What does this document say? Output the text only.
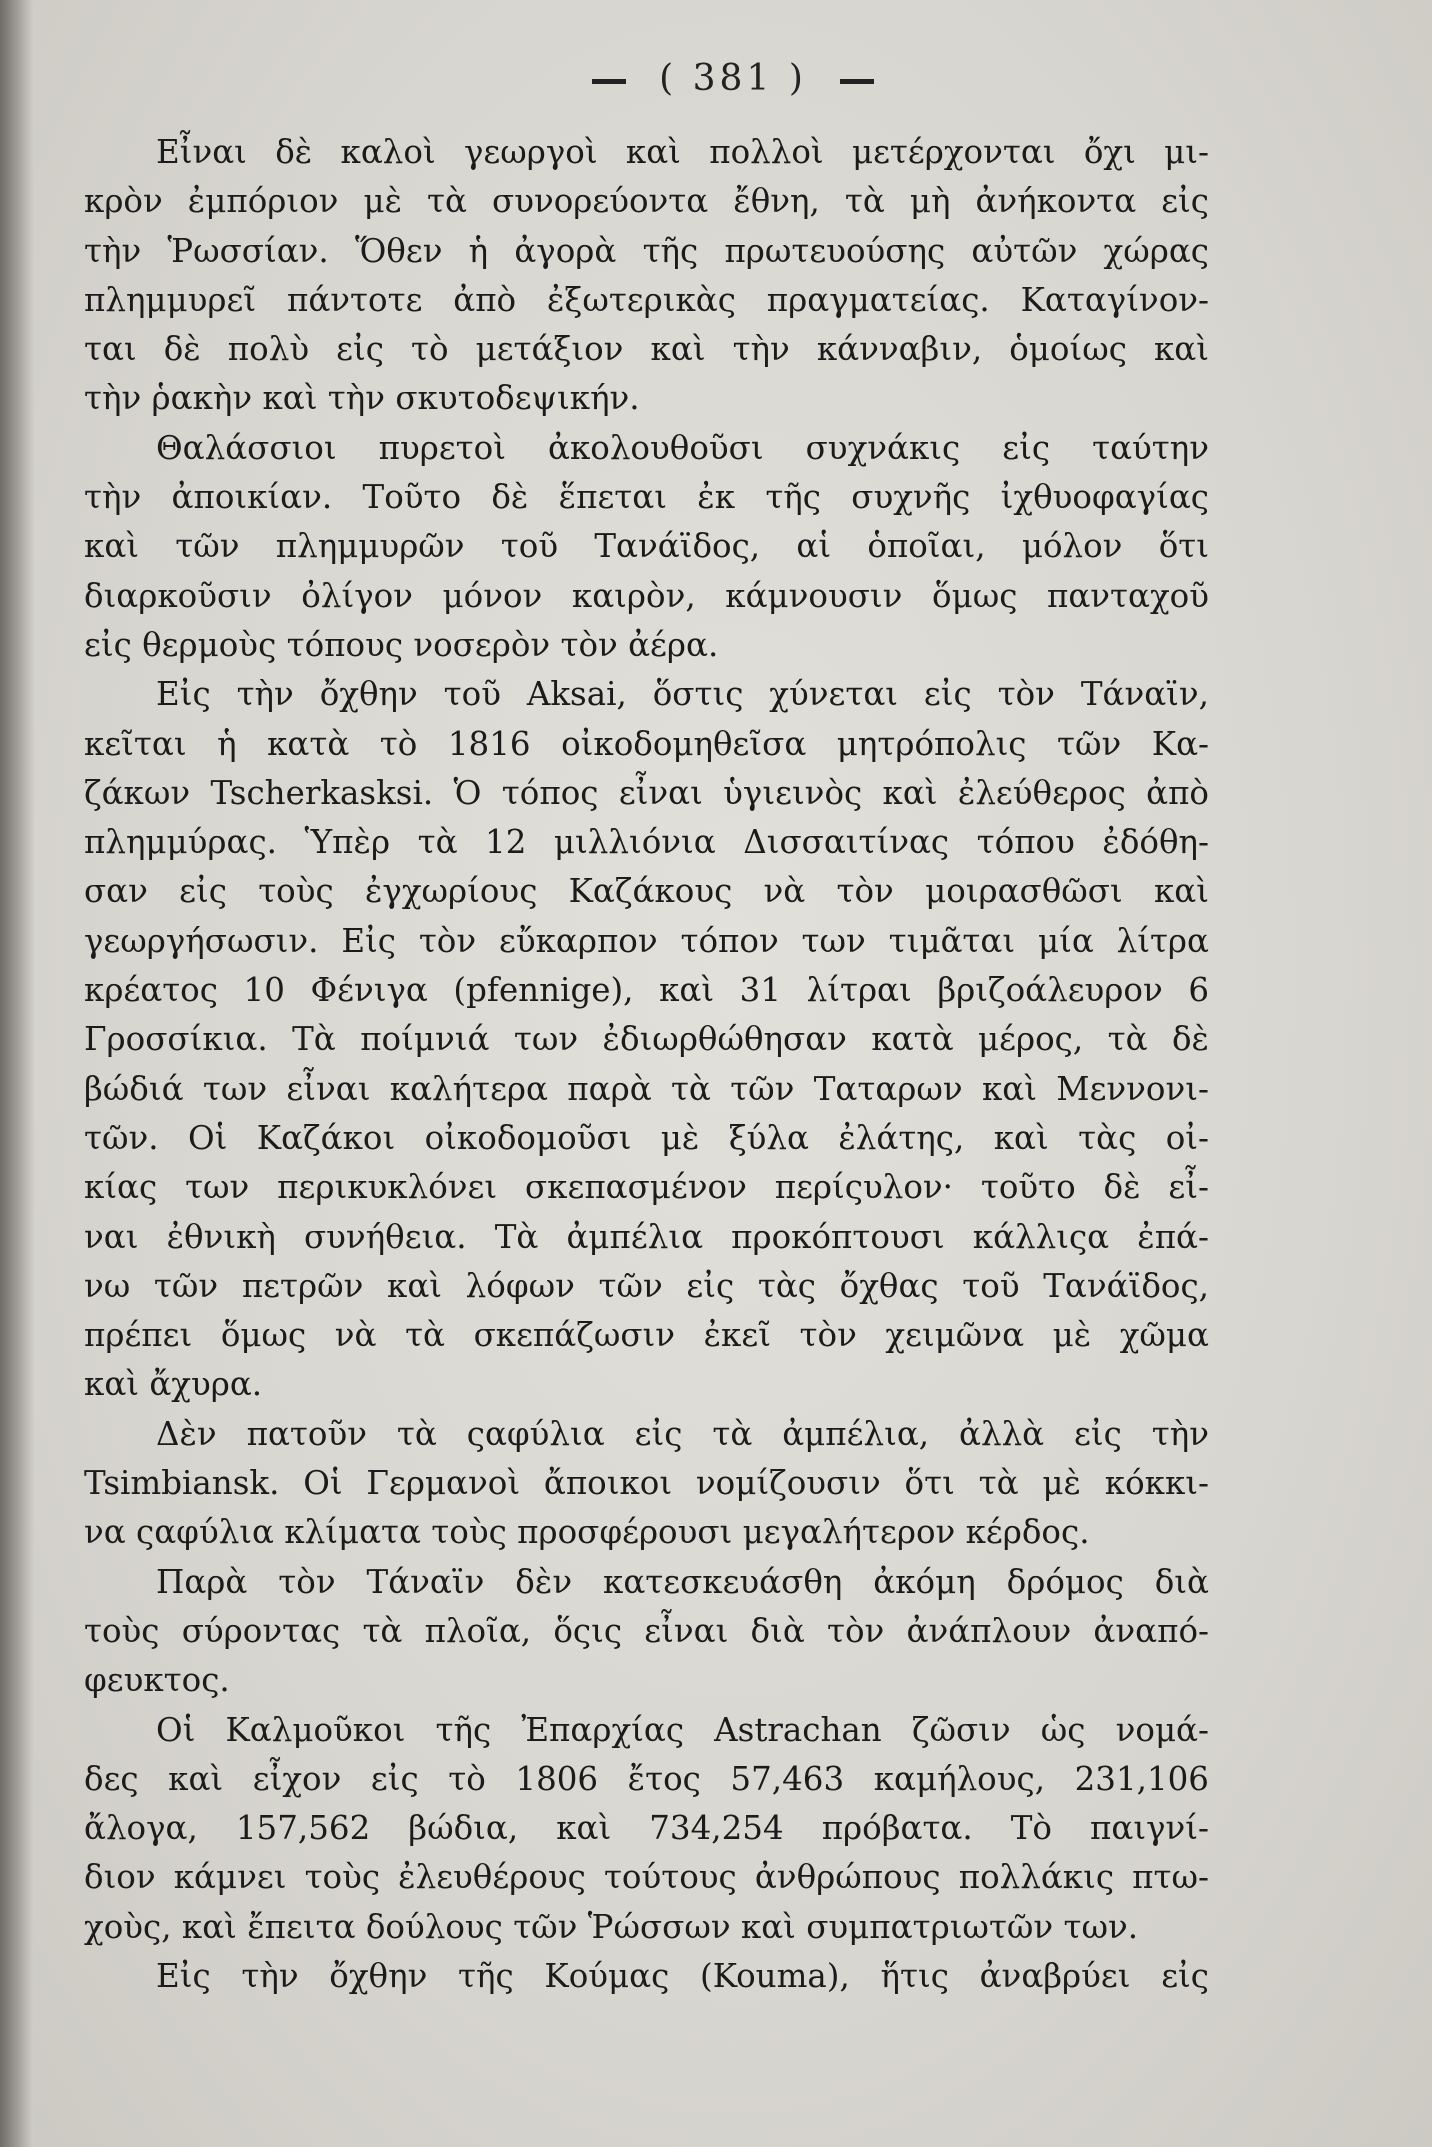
( 381 )

Εἶναι δὲ καλοὶ γεωργοὶ καὶ πολλοὶ μετέρχονται ὄχι μι-

κρὸν ἐμπόριον μὲ τὰ συνορεύοντα ἔθνη, τὰ μὴ ἀνήκοντα εἰς

τὴν Ῥωσσίαν. Ὅθεν ἡ ἀγορὰ τῆς πρωτευούσης αὐτῶν χώρας

πλημμυρεῖ πάντοτε ἀπὸ ἐξωτερικὰς πραγματείας. Καταγίνον-

ται δὲ πολὺ εἰς τὸ μετάξιον καὶ τὴν κάνναβιν, ὁμοίως καὶ

τὴν ῥακὴν καὶ τὴν σκυτοδεψικήν.

Θαλάσσιοι πυρετοὶ ἀκολουθοῦσι συχνάκις εἰς ταύτην

τὴν ἀποικίαν. Τοῦτο δὲ ἕπεται ἐκ τῆς συχνῆς ἰχθυοφαγίας

καὶ τῶν πλημμυρῶν τοῦ Τανάϊδος, αἱ ὁποῖαι, μόλον ὅτι

διαρκοῦσιν ὀλίγον μόνον καιρὸν, κάμνουσιν ὅμως πανταχοῦ

εἰς θερμοὺς τόπους νοσερὸν τὸν ἀέρα.

Εἰς τὴν ὄχθην τοῦ Aksai, ὅστις χύνεται εἰς τὸν Τάναϊν,

κεῖται ἡ κατὰ τὸ 1816 οἰκοδομηθεῖσα μητρόπολις τῶν Κα-

ζάκων Tscherkasksi. Ὁ τόπος εἶναι ὑγιεινὸς καὶ ἐλεύθερος ἀπὸ

πλημμύρας. Ὑπὲρ τὰ 12 μιλλιόνια Δισσαιτίνας τόπου ἐδόθη-

σαν εἰς τοὺς ἐγχωρίους Καζάκους νὰ τὸν μοιρασθῶσι καὶ

γεωργήσωσιν. Εἰς τὸν εὔκαρπον τόπον των τιμᾶται μία λίτρα

κρέατος 10 Φένιγα (pfennige), καὶ 31 λίτραι βριζοάλευρον 6

Γροσσίκια. Τὰ ποίμνιά των ἐδιωρθώθησαν κατὰ μέρος, τὰ δὲ

βώδιά των εἶναι καλήτερα παρὰ τὰ τῶν Ταταρων καὶ Μεννονι-

τῶν. Οἱ Καζάκοι οἰκοδομοῦσι μὲ ξύλα ἐλάτης, καὶ τὰς οἰ-

κίας των περικυκλόνει σκεπασμένον περίςυλον· τοῦτο δὲ εἶ-

ναι ἐθνικὴ συνήθεια. Τὰ ἀμπέλια προκόπτουσι κάλλιςα ἐπά-

νω τῶν πετρῶν καὶ λόφων τῶν εἰς τὰς ὄχθας τοῦ Τανάϊδος,

πρέπει ὅμως νὰ τὰ σκεπάζωσιν ἐκεῖ τὸν χειμῶνα μὲ χῶμα

καὶ ἄχυρα.

Δὲν πατοῦν τὰ ςαφύλια εἰς τὰ ἀμπέλια, ἀλλὰ εἰς τὴν

Tsimbiansk. Οἱ Γερμανοὶ ἄποικοι νομίζουσιν ὅτι τὰ μὲ κόκκι-

να ςαφύλια κλίματα τοὺς προσφέρουσι μεγαλήτερον κέρδος.

Παρὰ τὸν Τάναϊν δὲν κατεσκευάσθη ἀκόμη δρόμος διὰ

τοὺς σύροντας τὰ πλοῖα, ὅςις εἶναι διὰ τὸν ἀνάπλουν ἀναπό-

φευκτος.

Οἱ Καλμοῦκοι τῆς Ἐπαρχίας Astrachan ζῶσιν ὡς νομά-

δες καὶ εἶχον εἰς τὸ 1806 ἔτος 57,463 καμήλους, 231,106

ἄλογα, 157,562 βώδια, καὶ 734,254 πρόβατα. Τὸ παιγνί-

διον κάμνει τοὺς ἐλευθέρους τούτους ἀνθρώπους πολλάκις πτω-

χοὺς, καὶ ἔπειτα δούλους τῶν Ῥώσσων καὶ συμπατριωτῶν των.

Εἰς τὴν ὄχθην τῆς Κούμας (Kouma), ἥτις ἀναβρύει εἰς
